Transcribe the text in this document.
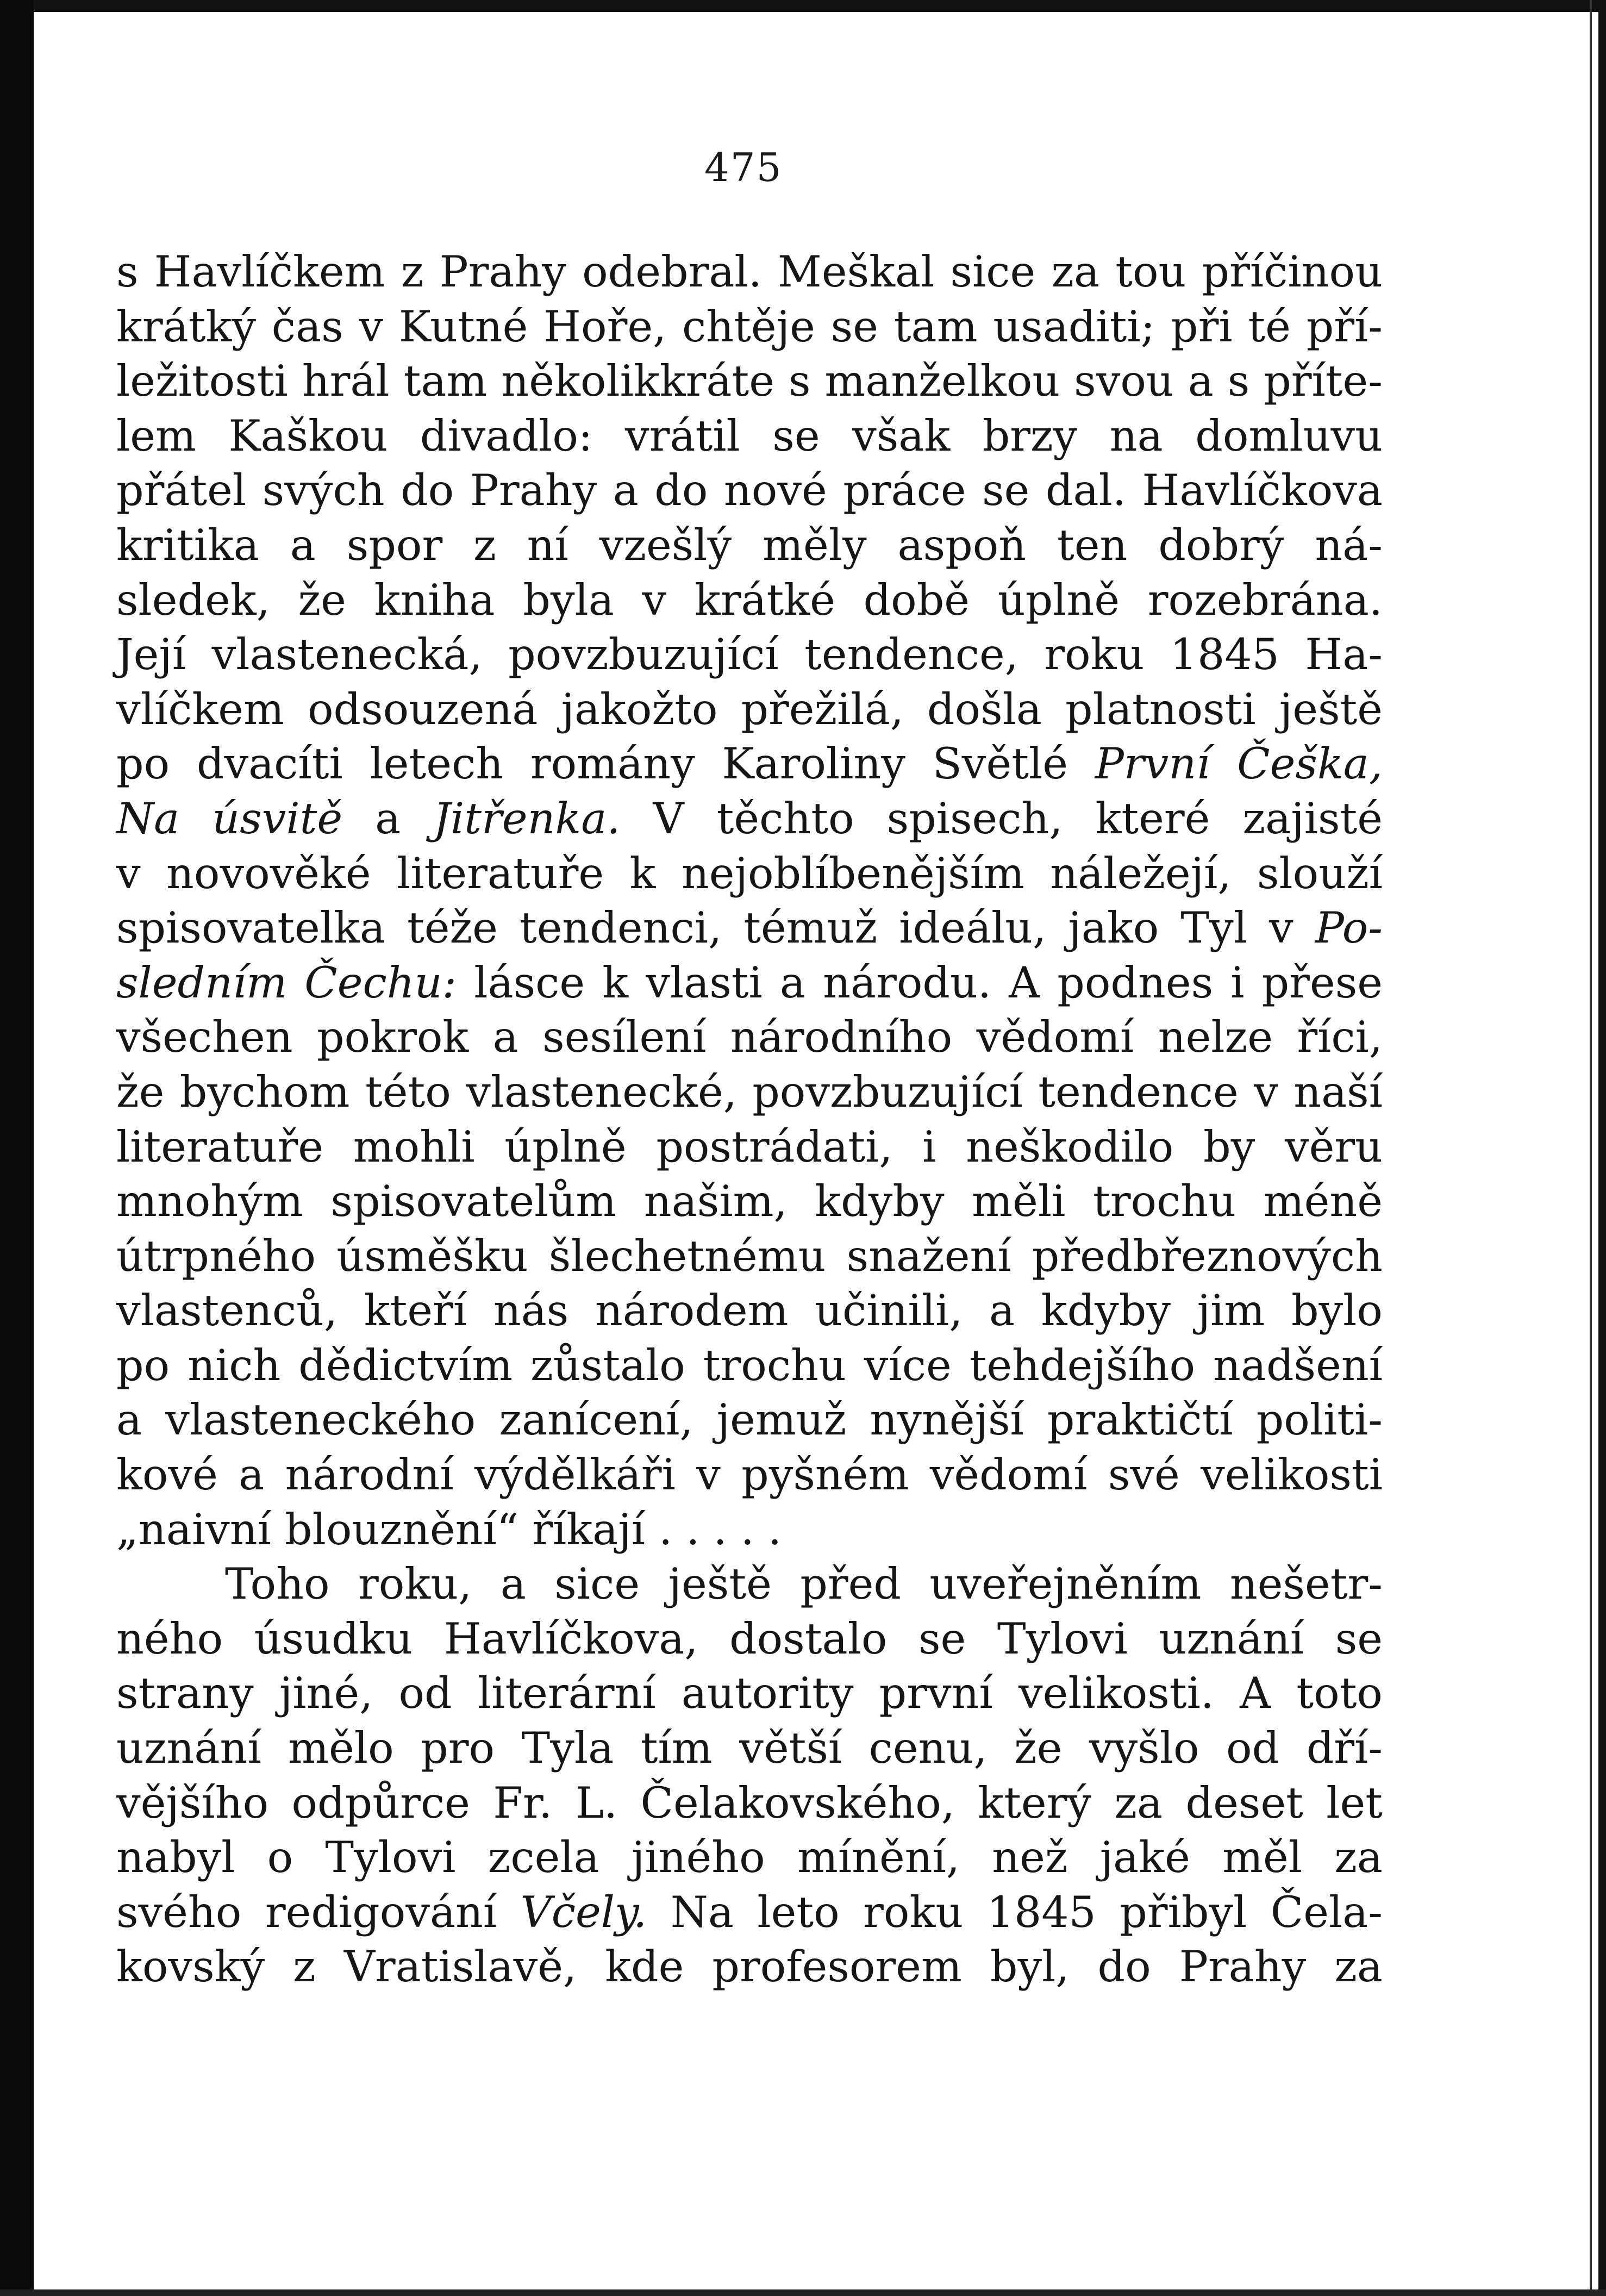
475
s Havlíčkem z Prahy odebral. Meškal sice za tou příčinou
krátký čas v Kutné Hoře, chtěje se tam usaditi; při té pří-
ležitosti hrál tam několikkráte s manželkou svou a s příte-
lem Kaškou divadlo: vrátil se však brzy na domluvu
přátel svých do Prahy a do nové práce se dal. Havlíčkova
kritika a spor z ní vzešlý měly aspoň ten dobrý ná-
sledek, že kniha byla v krátké době úplně rozebrána.
Její vlastenecká, povzbuzující tendence, roku 1845 Ha-
vlíčkem odsouzená jakožto přežilá, došla platnosti ještě
po dvacíti letech romány Karoliny Světlé První Češka,
Na úsvitě a Jitřenka. V těchto spisech, které zajisté
v novověké literatuře k nejoblíbenějším náležejí, slouží
spisovatelka téže tendenci, témuž ideálu, jako Tyl v Po-
sledním Čechu: lásce k vlasti a národu. A podnes i přese
všechen pokrok a sesílení národního vědomí nelze říci,
že bychom této vlastenecké, povzbuzující tendence v naší
literatuře mohli úplně postrádati, i neškodilo by věru
mnohým spisovatelům našim, kdyby měli trochu méně
útrpného úsměšku šlechetnému snažení předbřeznových
vlastenců, kteří nás národem učinili, a kdyby jim bylo
po nich dědictvím zůstalo trochu více tehdejšího nadšení
a vlasteneckého zanícení, jemuž nynější praktičtí politi-
kové a národní výdělkáři v pyšném vědomí své velikosti
„naivní blouznění“ říkají . . . . .
Toho roku, a sice ještě před uveřejněním nešetr-
ného úsudku Havlíčkova, dostalo se Tylovi uznání se
strany jiné, od literární autority první velikosti. A toto
uznání mělo pro Tyla tím větší cenu, že vyšlo od dří-
vějšího odpůrce Fr. L. Čelakovského, který za deset let
nabyl o Tylovi zcela jiného mínění, než jaké měl za
svého redigování Včely. Na leto roku 1845 přibyl Čela-
kovský z Vratislavě, kde profesorem byl, do Prahy za
